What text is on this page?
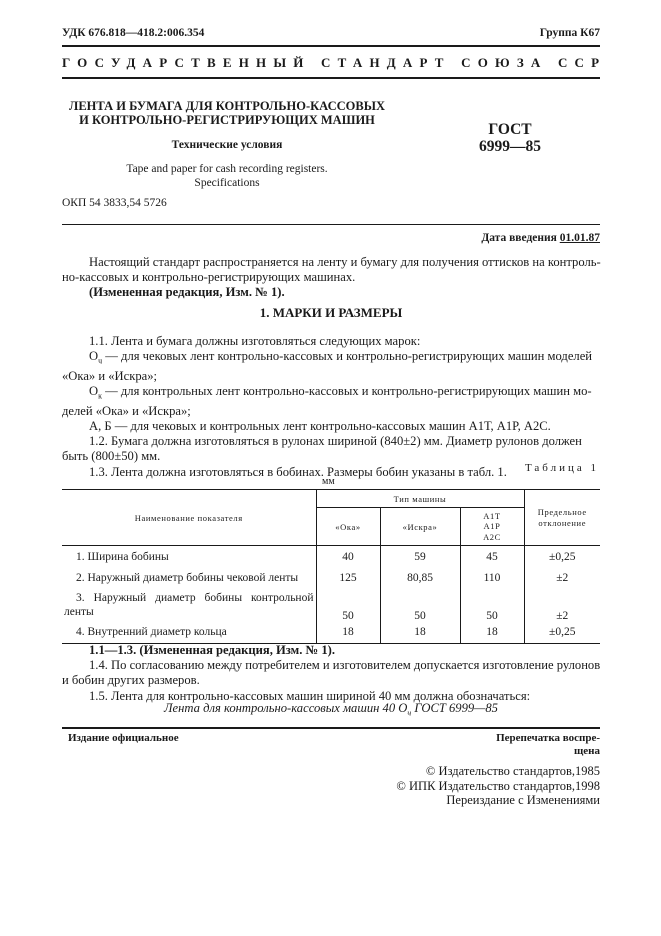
УДК 676.818—418.2:006.354	Группа К67
ГОСУДАРСТВЕННЫЙ СТАНДАРТ СОЮЗА ССР
ЛЕНТА И БУМАГА ДЛЯ КОНТРОЛЬНО-КАССОВЫХ
И КОНТРОЛЬНО-РЕГИСТРИРУЮЩИХ МАШИН
Технические условия
Tape and paper for cash recording registers.
Specifications
ГОСТ
6999—85
ОКП 54 3833,54 5726
Дата введения 01.01.87
Настоящий стандарт распространяется на ленту и бумагу для получения оттисков на контроль-
но-кассовых и контрольно-регистрирующих машинах.
(Измененная редакция, Изм. № 1).
1. МАРКИ И РАЗМЕРЫ
1.1. Лента и бумага должны изготовляться следующих марок:
$О_ч$ — для чековых лент контрольно-кассовых и контрольно-регистрирующих машин моделей
«Ока» и «Искра»;
$О_к$ — для контрольных лент контрольно-кассовых и контрольно-регистрирующих машин мо-
делей «Ока» и «Искра»;
А, Б — для чековых и контрольных лент контрольно-кассовых машин А1Т, А1Р, А2С.
1.2. Бумага должна изготовляться в рулонах шириной (840±2) мм. Диаметр рулонов должен
быть (800±50) мм.
1.3. Лента должна изготовляться в бобинах. Размеры бобин указаны в табл. 1.	Таблица 1
мм
Наименование показателя	Тип машины			Предельное
отклонение

	«Ока»	«Искра»	А1Т
А1Р
А2С	

1. Ширина бобины	40	59	45	±0,25
2. Наружный диаметр бобины чековой ленты	125	80,85	110	±2

3. Наружный диаметр бобины контрольной
ленты	50	50	50	±2
4. Внутренний диаметр кольца	18	18	18	±0,25
1.1—1.3. (Измененная редакция, Изм. № 1).
1.4. По согласованию между потребителем и изготовителем допускается изготовление рулонов
и бобин других размеров.
1.5. Лента для контрольно-кассовых машин шириной 40 мм должна обозначаться:
Лента для контрольно-кассовых машин 40 $О_ч$ ГОСТ 6999—85
Издание официальное	Перепечатка воспре-
щена
© Издательство стандартов,1985
© ИПК Издательство стандартов,1998
Переиздание с Изменениями
